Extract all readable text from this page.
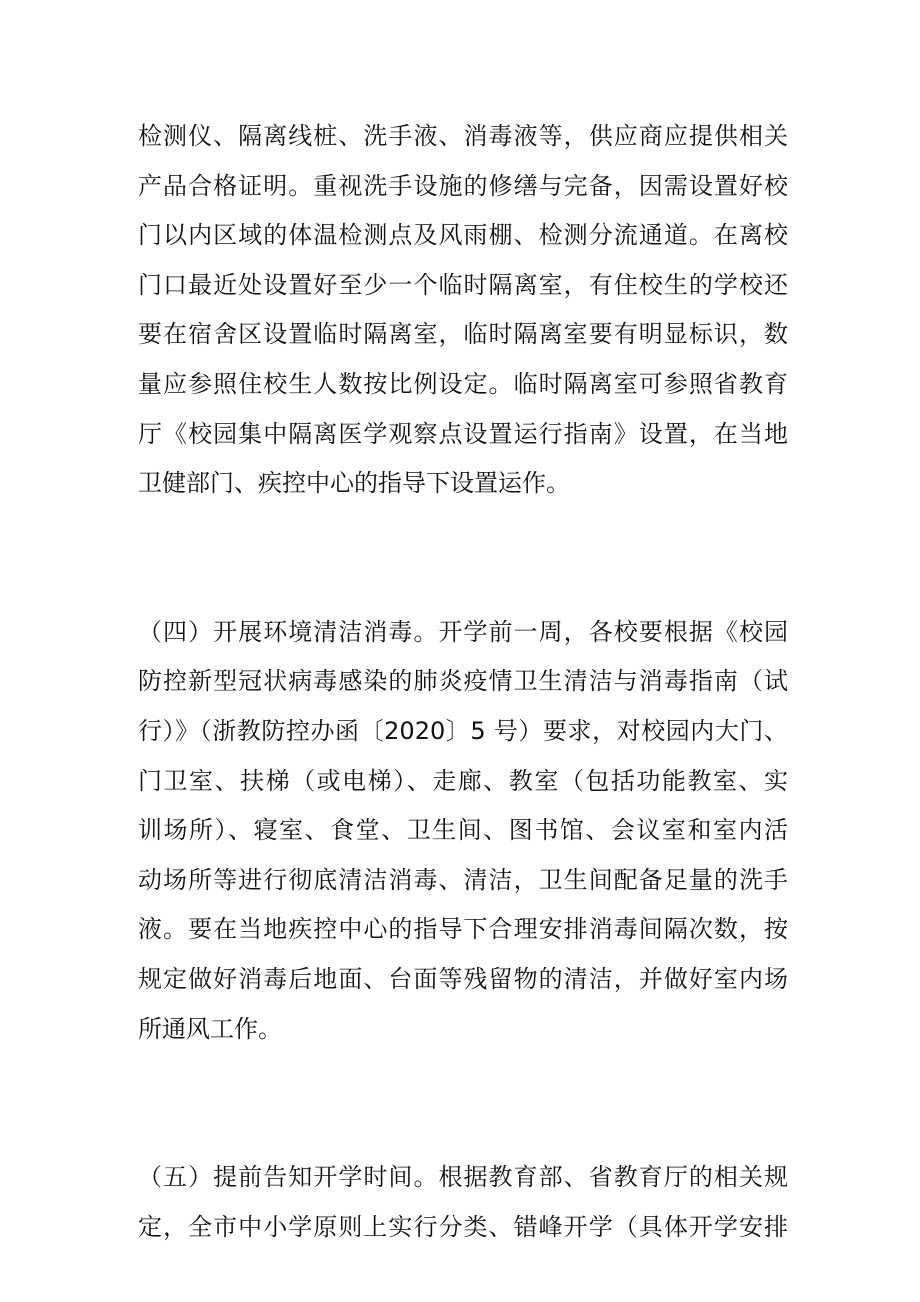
检测仪、隔离线桩、洗手液、消毒液等，供应商应提供相关
产品合格证明。重视洗手设施的修缮与完备，因需设置好校
门以内区域的体温检测点及风雨棚、检测分流通道。在离校
门口最近处设置好至少一个临时隔离室，有住校生的学校还
要在宿舍区设置临时隔离室，临时隔离室要有明显标识，数
量应参照住校生人数按比例设定。临时隔离室可参照省教育
厅《校园集中隔离医学观察点设置运行指南》设置，在当地
卫健部门、疾控中心的指导下设置运作。
（四）开展环境清洁消毒。开学前一周，各校要根据《校园
防控新型冠状病毒感染的肺炎疫情卫生清洁与消毒指南（试
行）》（浙教防控办函〔2020〕5 号）要求，对校园内大门、
门卫室、扶梯（或电梯）、走廊、教室（包括功能教室、实
训场所）、寝室、食堂、卫生间、图书馆、会议室和室内活
动场所等进行彻底清洁消毒、清洁，卫生间配备足量的洗手
液。要在当地疾控中心的指导下合理安排消毒间隔次数，按
规定做好消毒后地面、台面等残留物的清洁，并做好室内场
所通风工作。
（五）提前告知开学时间。根据教育部、省教育厅的相关规
定，全市中小学原则上实行分类、错峰开学（具体开学安排
